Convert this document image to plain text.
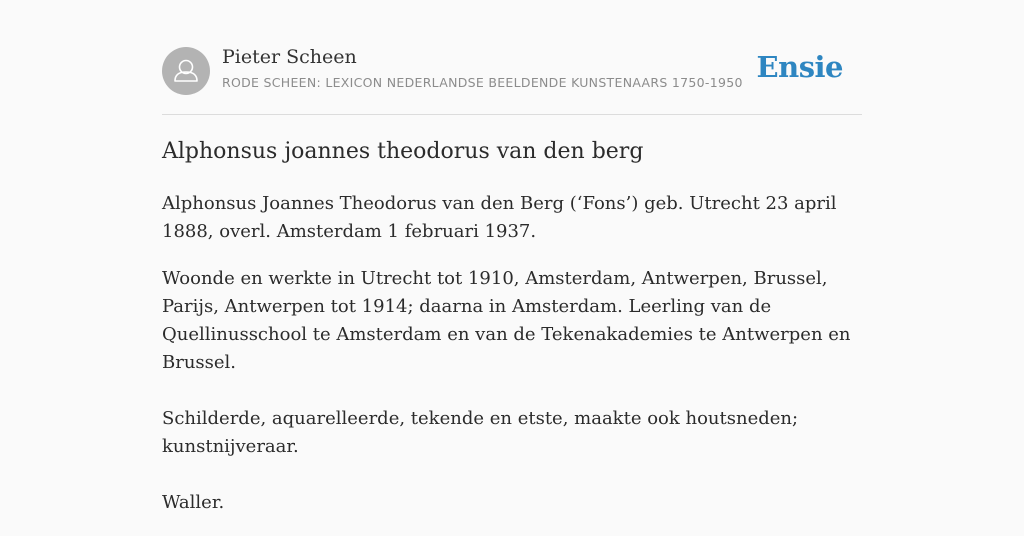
Pieter Scheen
RODE SCHEEN: LEXICON NEDERLANDSE BEELDENDE KUNSTENAARS 1750-1950 Ensie
Alphonsus joannes theodorus van den berg

Alphonsus Joannes Theodorus van den Berg (‘Fons’) geb. Utrecht 23 april 1888, overl. Amsterdam 1 februari 1937.

Woonde en werkte in Utrecht tot 1910, Amsterdam, Antwerpen, Brussel, Parijs, Antwerpen tot 1914; daarna in Amsterdam. Leerling van de Quellinusschool te Amsterdam en van de Tekenakademies te Antwerpen en Brussel.

Schilderde, aquarelleerde, tekende en etste, maakte ook houtsneden; kunstnijveraar.

Waller.
